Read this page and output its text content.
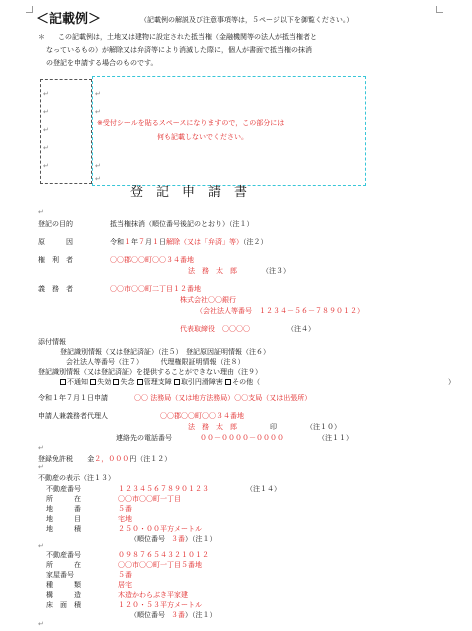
＜記載例＞	（記載例の解説及び注意事項等は，５ページ以下を御覧ください。）
＊ この記載例は，土地又は建物に設定された抵当権（金融機関等の法人が抵当権者と
なっているもの）が解除又は弁済等により消滅した際に，個人が書面で抵当権の抹消
の登記を申請する場合のものです。
※受付シールを貼るスペースになりますので，この部分には
何も記載しないでください。
↵
↵
↵
↵
↵
↵
↵
↵
↵
登　記　申　請　書
登記の目的	抵当権抹消（順位番号後記のとおり）（注１）
原　　　因	令和１年７月１日解除（又は「弁済」等）（注２）
権　利　者	〇〇郡〇〇町〇〇３４番地
法　務　太　郎	（注３）
義　務　者	〇〇市〇〇町二丁目１２番地
株式会社〇〇銀行
（会社法人等番号　１２３４－５６－７８９０１２）
代表取締役　〇〇〇〇	（注４）
添付情報
登記識別情報（又は登記済証）（注５）　登記原因証明情報（注６）
会社法人等番号（注７）　　　代理権限証明情報（注８）
登記識別情報（又は登記済証）を提供することができない理由（注９）
不通知 失効 失念 管理支障 取引円滑障害 その他（	）
令和１年７月１日申請	〇〇 法務局（又は地方法務局）〇〇支局（又は出張所）
申請人兼義務者代理人	〇〇郡〇〇町〇〇３４番地
法　務　太　郎	印	（注１０）
連絡先の電話番号	００－００００－００００	（注１１）
登録免許税 金２，０００円（注１２）
不動産の表示（注１３）
不動産番号	１２３４５６７８９０１２３	（注１４）
所　　　在	〇〇市〇〇町一丁目
地　　　番	５番
地　　　目	宅地
地　　　積	２５０・００平方メートル
（順位番号 ３番）（注１）
不動産番号	０９８７６５４３２１０１２
所　　　在	〇〇市〇〇町一丁目５番地
家屋番号	５番
種　　　類	居宅
構　　　造	木造かわらぶき平家建
床　面　積	１２０・５３平方メートル
（順位番号 ３番）（注１）
↵
↵
↵
↵
↵
